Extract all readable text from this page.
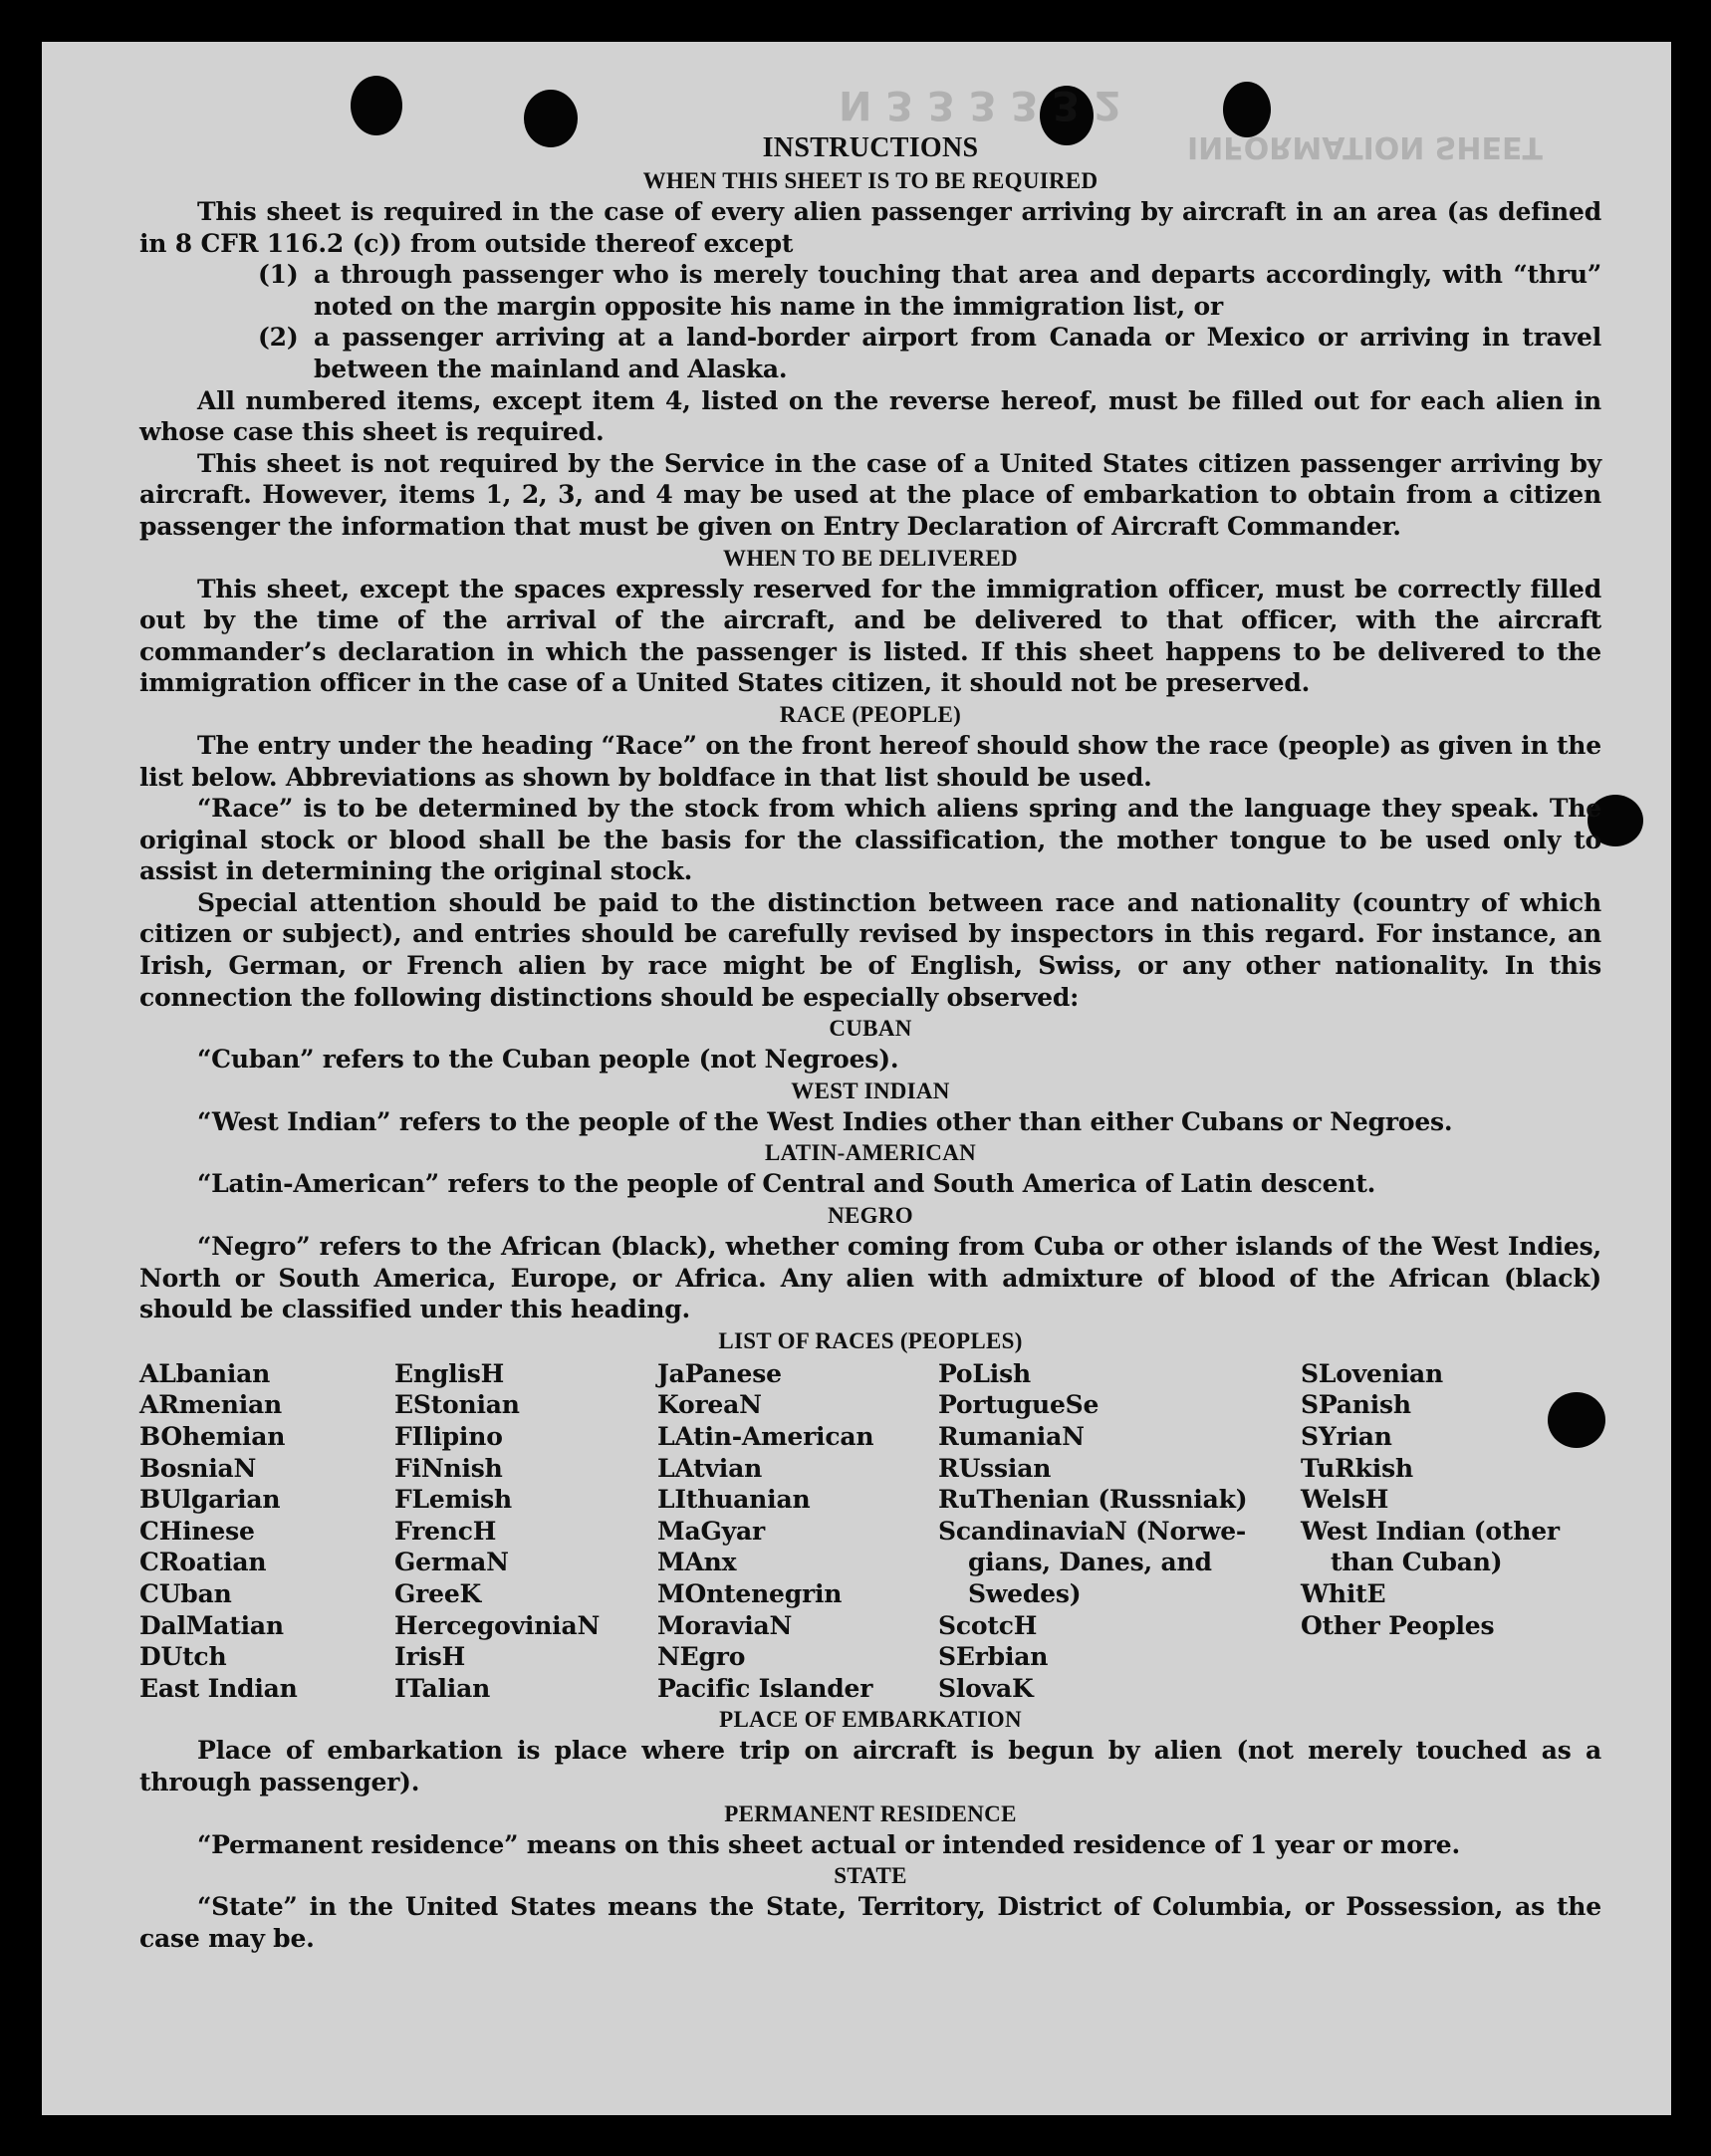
INFORMATION SHEET
N 3 3 3 3 3 2

INSTRUCTIONS

WHEN THIS SHEET IS TO BE REQUIRED

This sheet is required in the case of every alien passenger arriving by aircraft in an area (as defined in 8 CFR 116.2 (c)) from outside thereof except

(1) a through passenger who is merely touching that area and departs accordingly, with “thru” noted on the margin opposite his name in the immigration list, or
(2) a passenger arriving at a land-border airport from Canada or Mexico or arriving in travel between the mainland and Alaska.

All numbered items, except item 4, listed on the reverse hereof, must be filled out for each alien in whose case this sheet is required.

This sheet is not required by the Service in the case of a United States citizen passenger arriving by aircraft. However, items 1, 2, 3, and 4 may be used at the place of embarkation to obtain from a citizen passenger the information that must be given on Entry Declaration of Aircraft Commander.

WHEN TO BE DELIVERED

This sheet, except the spaces expressly reserved for the immigration officer, must be correctly filled out by the time of the arrival of the aircraft, and be delivered to that officer, with the aircraft commander’s declaration in which the passenger is listed. If this sheet happens to be delivered to the immigration officer in the case of a United States citizen, it should not be preserved.

RACE (PEOPLE)

The entry under the heading “Race” on the front hereof should show the race (people) as given in the list below. Abbreviations as shown by boldface in that list should be used.

“Race” is to be determined by the stock from which aliens spring and the language they speak. The original stock or blood shall be the basis for the classification, the mother tongue to be used only to assist in determining the original stock.

Special attention should be paid to the distinction between race and nationality (country of which citizen or subject), and entries should be carefully revised by inspectors in this regard. For instance, an Irish, German, or French alien by race might be of English, Swiss, or any other nationality. In this connection the following distinctions should be especially observed:

CUBAN

“Cuban” refers to the Cuban people (not Negroes).

WEST INDIAN

“West Indian” refers to the people of the West Indies other than either Cubans or Negroes.

LATIN-AMERICAN

“Latin-American” refers to the people of Central and South America of Latin descent.

NEGRO

“Negro” refers to the African (black), whether coming from Cuba or other islands of the West Indies, North or South America, Europe, or Africa. Any alien with admixture of blood of the African (black) should be classified under this heading.

LIST OF RACES (PEOPLES)

ALbanian
ARmenian
BOhemian
BosniaN
BUlgarian
CHinese
CRoatian
CUban
DalMatian
DUtch
East Indian
EnglisH
EStonian
FIlipino
FiNnish
FLemish
FrencH
GermaN
GreeK
HercegoviniaN
IrisH
ITalian
JaPanese
KoreaN
LAtin-American
LAtvian
LIthuanian
MaGyar
MAnx
MOntenegrin
MoraviaN
NEgro
Pacific Islander
PoLish
PortugueSe
RumaniaN
RUssian
RuThenian (Russniak)
ScandinaviaN (Norwe-
gians, Danes, and
Swedes)
ScotcH
SErbian
SlovaK
SLovenian
SPanish
SYrian
TuRkish
WelsH
West Indian (other
than Cuban)
WhitE
Other Peoples

PLACE OF EMBARKATION

Place of embarkation is place where trip on aircraft is begun by alien (not merely touched as a through passenger).

PERMANENT RESIDENCE

“Permanent residence” means on this sheet actual or intended residence of 1 year or more.

STATE

“State” in the United States means the State, Territory, District of Columbia, or Possession, as the case may be.
